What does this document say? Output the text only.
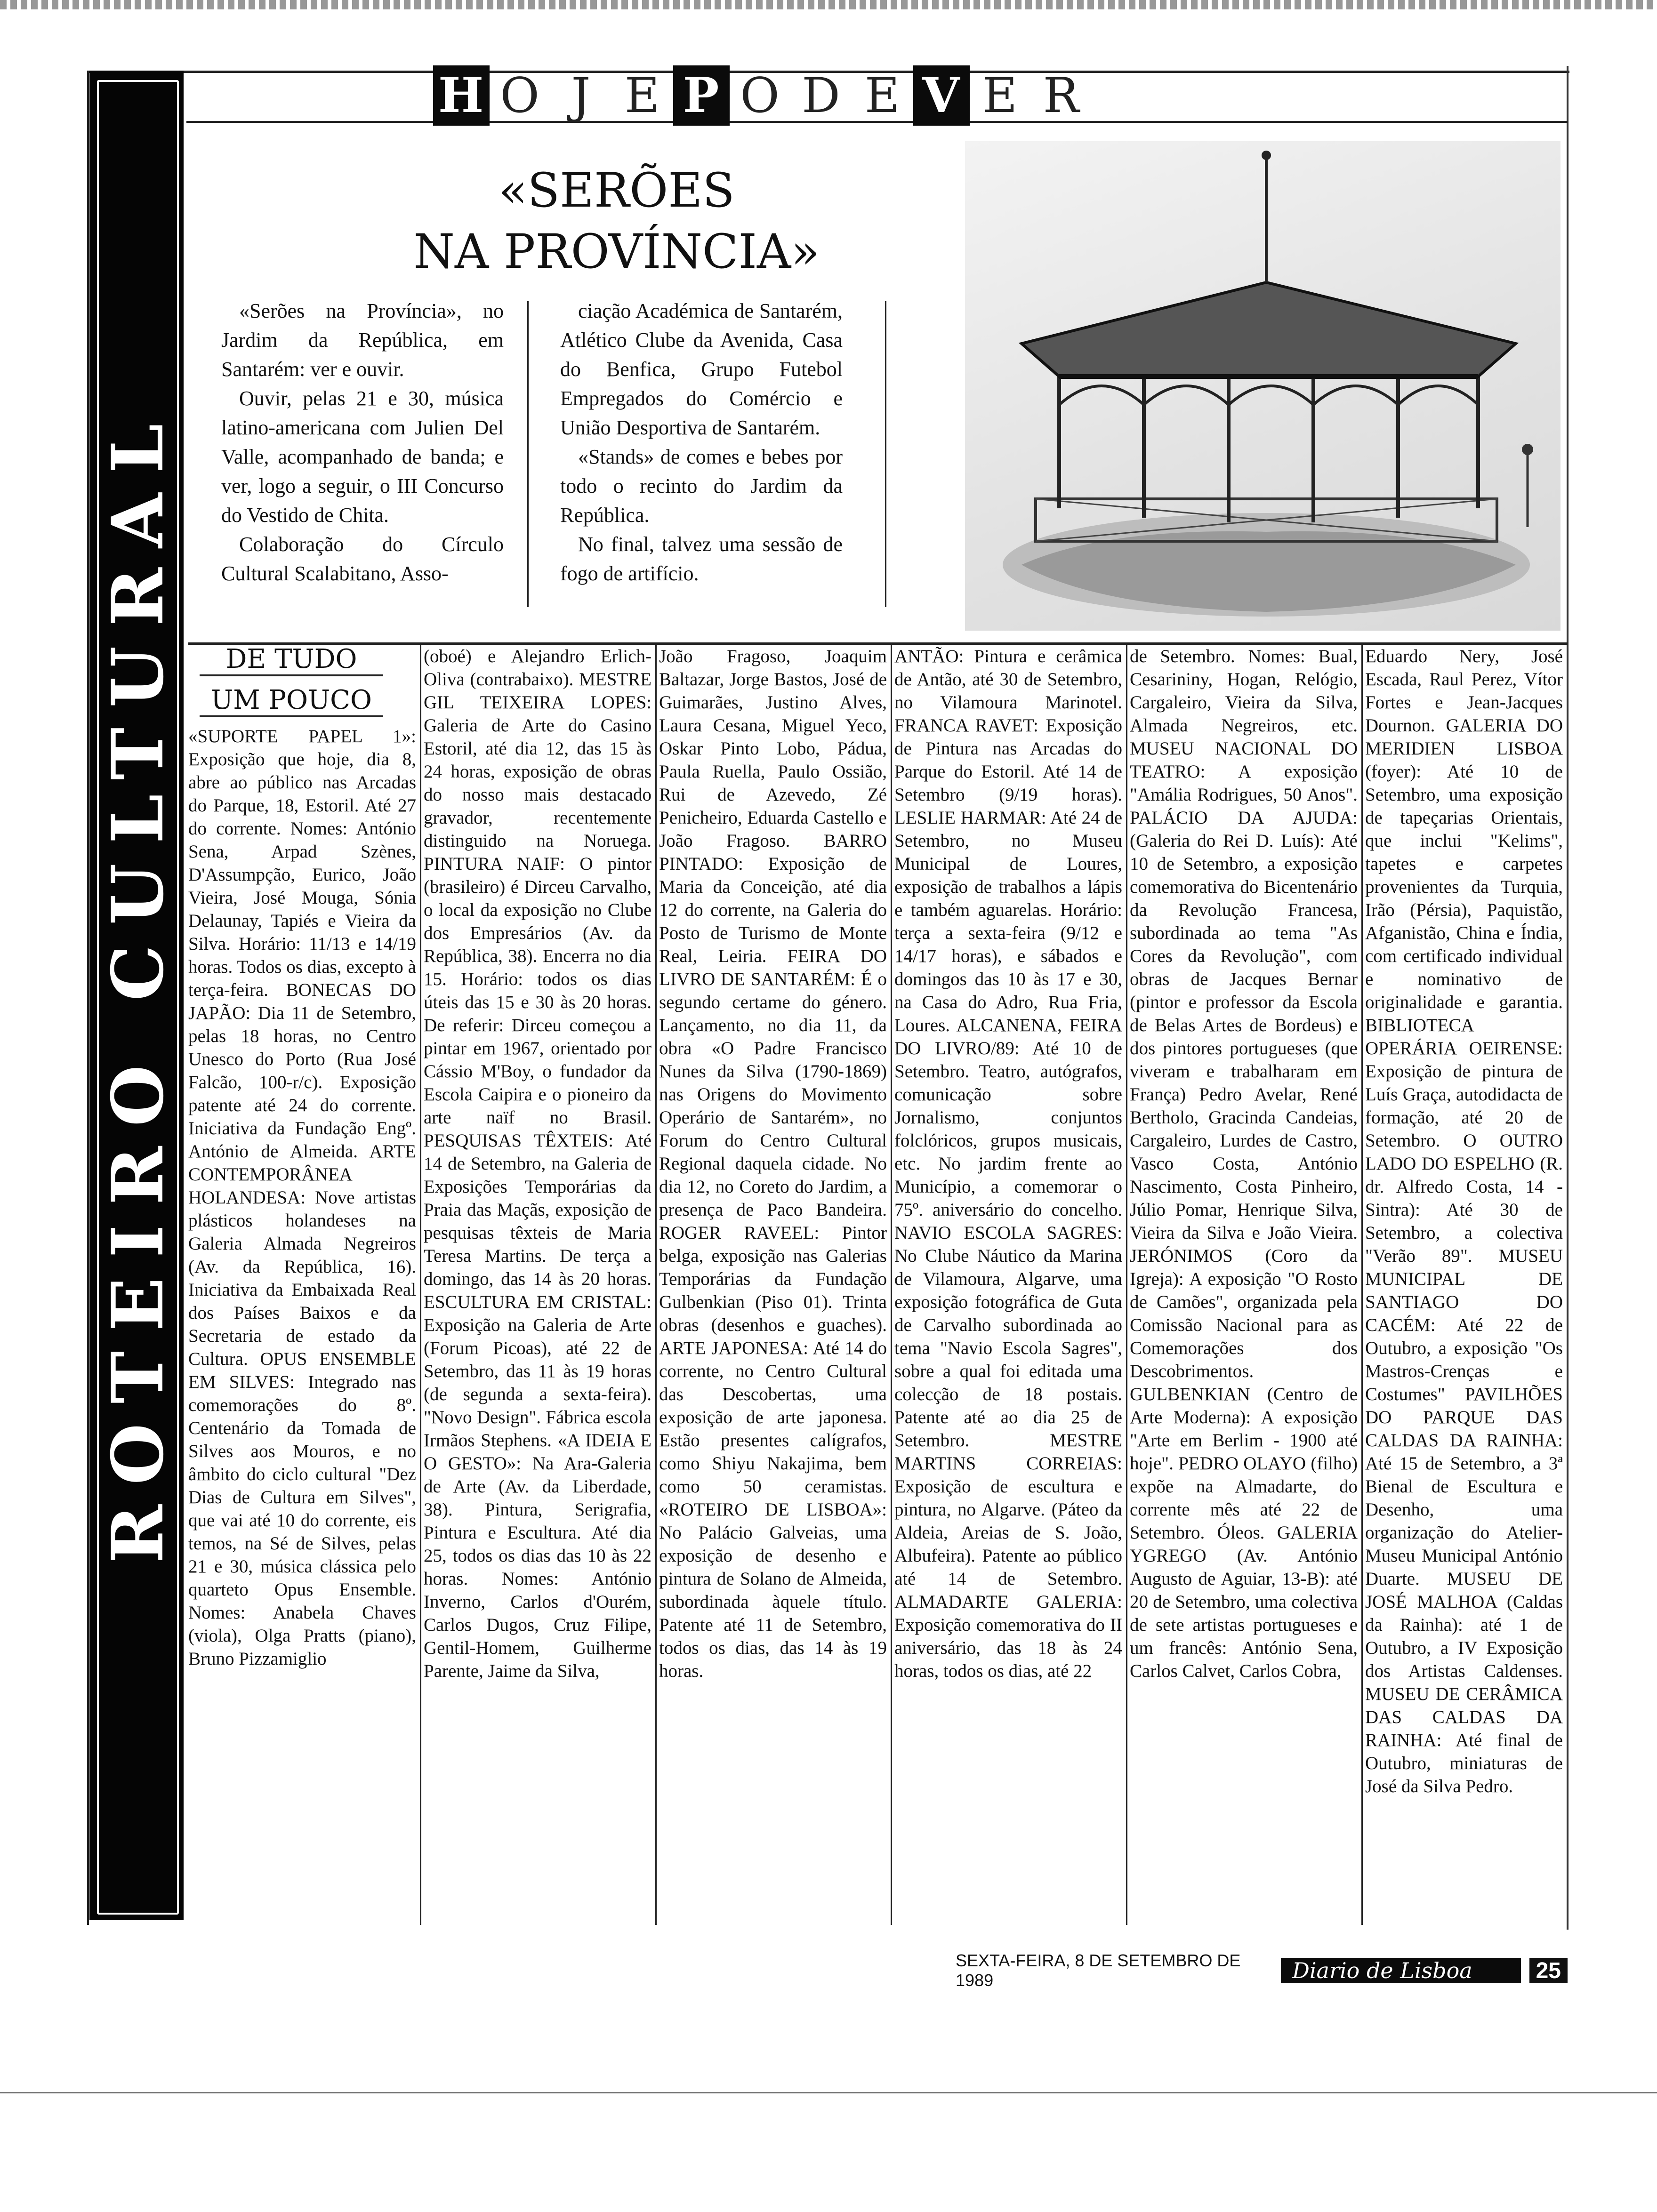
H O J E P O D E V E R
ROTEIRO CULTURAL
«SERÕES
NA PROVÍNCIA»

«Serões na Província», no Jardim da República, em Santarém: ver e ouvir.

Ouvir, pelas 21 e 30, música latino-americana com Julien Del Valle, acompanhado de banda; e ver, logo a seguir, o III Concurso do Vestido de Chita.

Colaboração do Círculo Cultural Scalabitano, Asso-

ciação Académica de Santarém, Atlético Clube da Avenida, Casa do Benfica, Grupo Futebol Empregados do Comércio e União Desportiva de Santarém.

«Stands» de comes e bebes por todo o recinto do Jardim da República.

No final, talvez uma sessão de fogo de artifício.

DE TUDO
UM POUCO

«SUPORTE PAPEL 1»: Exposição que hoje, dia 8, abre ao público nas Arcadas do Parque, 18, Estoril. Até 27 do corrente. Nomes: António Sena, Arpad Szènes, D'Assumpção, Eurico, João Vieira, José Mouga, Sónia Delaunay, Tapiés e Vieira da Silva. Horário: 11/13 e 14/19 horas. Todos os dias, excepto à terça-feira. BONECAS DO JAPÃO: Dia 11 de Setembro, pelas 18 horas, no Centro Unesco do Porto (Rua José Falcão, 100-r/c). Exposição patente até 24 do corrente. Iniciativa da Fundação Engº. António de Almeida. ARTE CONTEMPORÂNEA HOLANDESA: Nove artistas plásticos holandeses na Galeria Almada Negreiros (Av. da República, 16). Iniciativa da Embaixada Real dos Países Baixos e da Secretaria de estado da Cultura. OPUS ENSEMBLE EM SILVES: Integrado nas comemorações do 8º. Centenário da Tomada de Silves aos Mouros, e no âmbito do ciclo cultural "Dez Dias de Cultura em Silves", que vai até 10 do corrente, eis temos, na Sé de Silves, pelas 21 e 30, música clássica pelo quarteto Opus Ensemble. Nomes: Anabela Chaves (viola), Olga Pratts (piano), Bruno Pizzamiglio

(oboé) e Alejandro Erlich-Oliva (contrabaixo). MESTRE GIL TEIXEIRA LOPES: Galeria de Arte do Casino Estoril, até dia 12, das 15 às 24 horas, exposição de obras do nosso mais destacado gravador, recentemente distinguido na Noruega. PINTURA NAIF: O pintor (brasileiro) é Dirceu Carvalho, o local da exposição no Clube dos Empresários (Av. da República, 38). Encerra no dia 15. Horário: todos os dias úteis das 15 e 30 às 20 horas. De referir: Dirceu começou a pintar em 1967, orientado por Cássio M'Boy, o fundador da Escola Caipira e o pioneiro da arte naïf no Brasil. PESQUISAS TÊXTEIS: Até 14 de Setembro, na Galeria de Exposições Temporárias da Praia das Maçãs, exposição de pesquisas têxteis de Maria Teresa Martins. De terça a domingo, das 14 às 20 horas. ESCULTURA EM CRISTAL: Exposição na Galeria de Arte (Forum Picoas), até 22 de Setembro, das 11 às 19 horas (de segunda a sexta-feira). "Novo Design". Fábrica escola Irmãos Stephens. «A IDEIA E O GESTO»: Na Ara-Galeria de Arte (Av. da Liberdade, 38). Pintura, Serigrafia, Pintura e Escultura. Até dia 25, todos os dias das 10 às 22 horas. Nomes: António Inverno, Carlos d'Ourém, Carlos Dugos, Cruz Filipe, Gentil-Homem, Guilherme Parente, Jaime da Silva,

João Fragoso, Joaquim Baltazar, Jorge Bastos, José de Guimarães, Justino Alves, Laura Cesana, Miguel Yeco, Oskar Pinto Lobo, Pádua, Paula Ruella, Paulo Ossião, Rui de Azevedo, Zé Penicheiro, Eduarda Castello e João Fragoso. BARRO PINTADO: Exposição de Maria da Conceição, até dia 12 do corrente, na Galeria do Posto de Turismo de Monte Real, Leiria. FEIRA DO LIVRO DE SANTARÉM: É o segundo certame do género. Lançamento, no dia 11, da obra «O Padre Francisco Nunes da Silva (1790-1869) nas Origens do Movimento Operário de Santarém», no Forum do Centro Cultural Regional daquela cidade. No dia 12, no Coreto do Jardim, a presença de Paco Bandeira. ROGER RAVEEL: Pintor belga, exposição nas Galerias Temporárias da Fundação Gulbenkian (Piso 01). Trinta obras (desenhos e guaches). ARTE JAPONESA: Até 14 do corrente, no Centro Cultural das Descobertas, uma exposição de arte japonesa. Estão presentes calígrafos, como Shiyu Nakajima, bem como 50 ceramistas. «ROTEIRO DE LISBOA»: No Palácio Galveias, uma exposição de desenho e pintura de Solano de Almeida, subordinada àquele título. Patente até 11 de Setembro, todos os dias, das 14 às 19 horas.

ANTÃO: Pintura e cerâmica de Antão, até 30 de Setembro, no Vilamoura Marinotel. FRANCA RAVET: Exposição de Pintura nas Arcadas do Parque do Estoril. Até 14 de Setembro (9/19 horas). LESLIE HARMAR: Até 24 de Setembro, no Museu Municipal de Loures, exposição de trabalhos a lápis e também aguarelas. Horário: terça a sexta-feira (9/12 e 14/17 horas), e sábados e domingos das 10 às 17 e 30, na Casa do Adro, Rua Fria, Loures. ALCANENA, FEIRA DO LIVRO/89: Até 10 de Setembro. Teatro, autógrafos, comunicação sobre Jornalismo, conjuntos folclóricos, grupos musicais, etc. No jardim frente ao Município, a comemorar o 75º. aniversário do concelho. NAVIO ESCOLA SAGRES: No Clube Náutico da Marina de Vilamoura, Algarve, uma exposição fotográfica de Guta de Carvalho subordinada ao tema "Navio Escola Sagres", sobre a qual foi editada uma colecção de 18 postais. Patente até ao dia 25 de Setembro. MESTRE MARTINS CORREIAS: Exposição de escultura e pintura, no Algarve. (Páteo da Aldeia, Areias de S. João, Albufeira). Patente ao público até 14 de Setembro. ALMADARTE GALERIA: Exposição comemorativa do II aniversário, das 18 às 24 horas, todos os dias, até 22

de Setembro. Nomes: Bual, Cesarininy, Hogan, Relógio, Cargaleiro, Vieira da Silva, Almada Negreiros, etc. MUSEU NACIONAL DO TEATRO: A exposição "Amália Rodrigues, 50 Anos". PALÁCIO DA AJUDA: (Galeria do Rei D. Luís): Até 10 de Setembro, a exposição comemorativa do Bicentenário da Revolução Francesa, subordinada ao tema "As Cores da Revolução", com obras de Jacques Bernar (pintor e professor da Escola de Belas Artes de Bordeus) e dos pintores portugueses (que viveram e trabalharam em França) Pedro Avelar, René Bertholo, Gracinda Candeias, Cargaleiro, Lurdes de Castro, Vasco Costa, António Nascimento, Costa Pinheiro, Júlio Pomar, Henrique Silva, Vieira da Silva e João Vieira. JERÓNIMOS (Coro da Igreja): A exposição "O Rosto de Camões", organizada pela Comissão Nacional para as Comemorações dos Descobrimentos. GULBENKIAN (Centro de Arte Moderna): A exposição "Arte em Berlim - 1900 até hoje". PEDRO OLAYO (filho) expõe na Almadarte, do corrente mês até 22 de Setembro. Óleos. GALERIA YGREGO (Av. António Augusto de Aguiar, 13-B): até 20 de Setembro, uma colectiva de sete artistas portugueses e um francês: António Sena, Carlos Calvet, Carlos Cobra,

Eduardo Nery, José Escada, Raul Perez, Vítor Fortes e Jean-Jacques Dournon. GALERIA DO MERIDIEN LISBOA (foyer): Até 10 de Setembro, uma exposição de tapeçarias Orientais, que inclui "Kelims", tapetes e carpetes provenientes da Turquia, Irão (Pérsia), Paquistão, Afganistão, China e Índia, com certificado individual e nominativo de originalidade e garantia. BIBLIOTECA OPERÁRIA OEIRENSE: Exposição de pintura de Luís Graça, autodidacta de formação, até 20 de Setembro. O OUTRO LADO DO ESPELHO (R. dr. Alfredo Costa, 14 - Sintra): Até 30 de Setembro, a colectiva "Verão 89". MUSEU MUNICIPAL DE SANTIAGO DO CACÉM: Até 22 de Outubro, a exposição "Os Mastros-Crenças e Costumes" PAVILHÕES DO PARQUE DAS CALDAS DA RAINHA: Até 15 de Setembro, a 3ª Bienal de Escultura e Desenho, uma organização do Atelier-Museu Municipal António Duarte. MUSEU DE JOSÉ MALHOA (Caldas da Rainha): até 1 de Outubro, a IV Exposição dos Artistas Caldenses. MUSEU DE CERÂMICA DAS CALDAS DA RAINHA: Até final de Outubro, miniaturas de José da Silva Pedro.

SEXTA-FEIRA, 8 DE SETEMBRO DE 1989	Diario de Lisboa	25
